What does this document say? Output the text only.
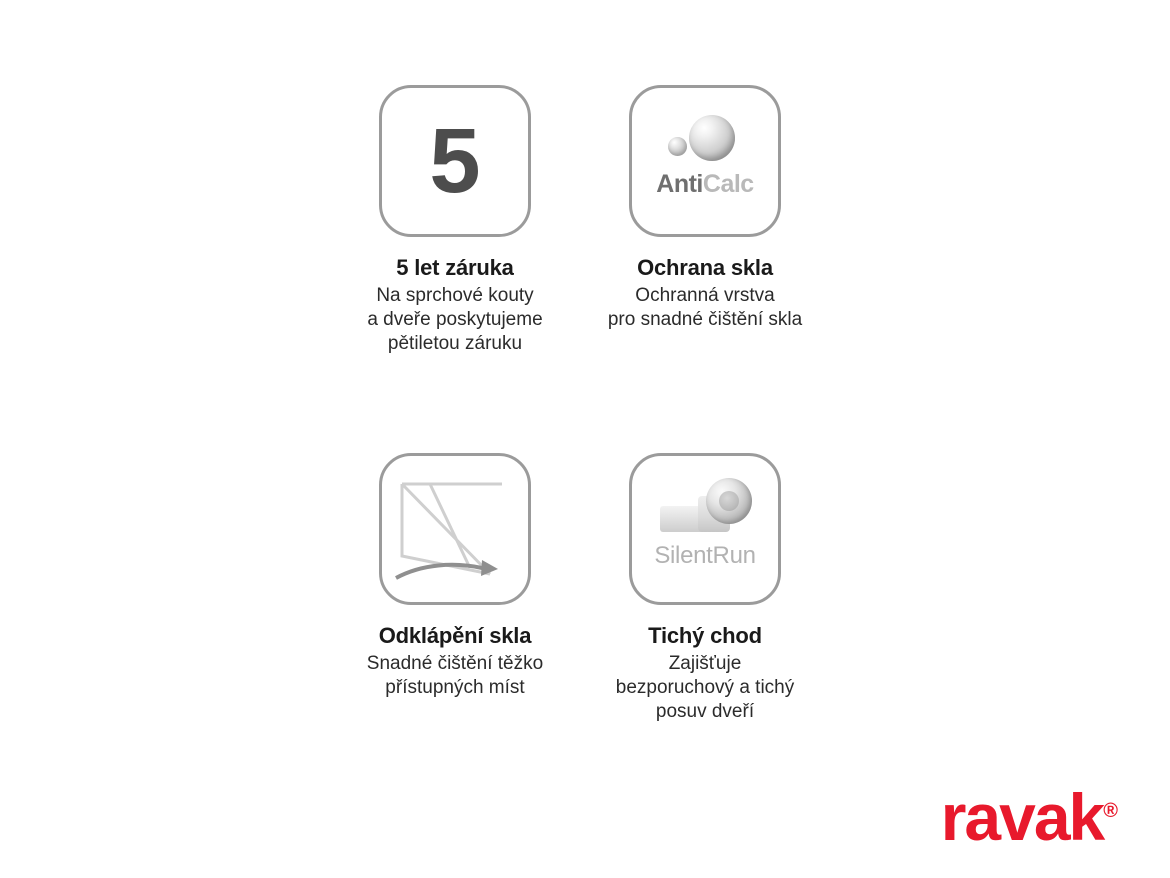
5
5 let záruka
Na sprchové kouty
a dveře poskytujeme
pětiletou záruku
AntiCalc
Ochrana skla
Ochranná vrstva
pro snadné čištění skla
Odklápění skla
Snadné čištění těžko
přístupných míst
SilentRun
Tichý chod
Zajišťuje
bezporuchový a tichý
posuv dveří
ravak®
